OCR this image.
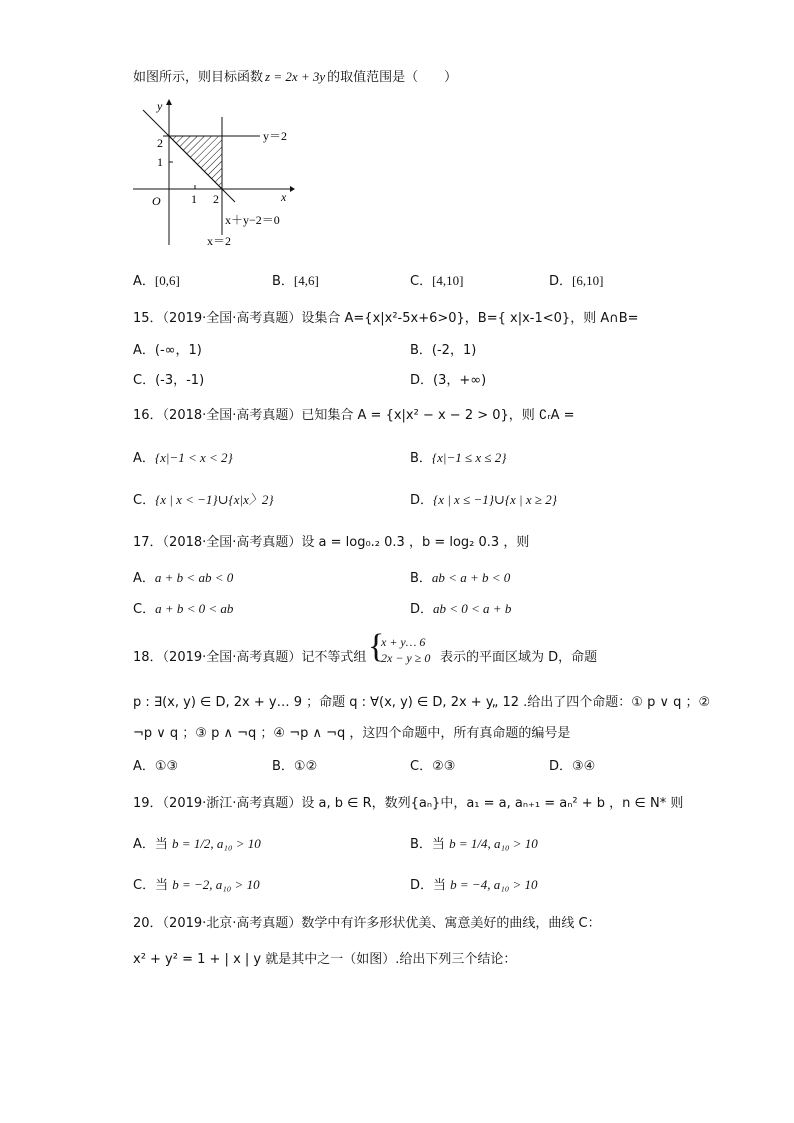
如图所示，则目标函数 z = 2x + 3y 的取值范围是（　　）
y
x
O
2
1
1 2
y＝2
x＋y−2＝0
x＝2
A．[0,6]	B．[4,6]	C．[4,10]	D．[6,10]
15．（2019·全国·高考真题）设集合 A={x|x²-5x+6>0}，B={ x|x-1<0}，则 A∩B=
A．(-∞，1)	B．(-2，1)
C．(-3，-1)	D．(3，+∞)
16．（2018·全国·高考真题）已知集合 A = {x|x² − x − 2 > 0}，则 ∁ᵣA =
A．{x|−1 < x < 2}	B．{x|−1 ≤ x ≤ 2}
C．{x | x < −1}∪{x|x〉2}	D．{x | x ≤ −1}∪{x | x ≥ 2}
17．（2018·全国·高考真题）设 a = log₀.₂ 0.3 ，b = log₂ 0.3 ，则
A．a + b < ab < 0	B．ab < a + b < 0
C．a + b < 0 < ab	D．ab < 0 < a + b
18．（2019·全国·高考真题）记不等式组 {
x + y… 6
2x − y ≥ 0 表示的平面区域为 D，命题
p : ∃(x, y) ∈ D, 2x + y… 9 ；命题 q : ∀(x, y) ∈ D, 2x + y„ 12 .给出了四个命题：① p ∨ q ；②
¬p ∨ q ；③ p ∧ ¬q ；④ ¬p ∧ ¬q ，这四个命题中，所有真命题的编号是
A．①③	B．①②	C．②③	D．③④
19．（2019·浙江·高考真题）设 a, b ∈ R，数列{aₙ}中，a₁ = a, aₙ₊₁ = aₙ² + b ，n ∈ N* 则
A．当 b = 1/2, a₁₀ > 10	B．当 b = 1/4, a₁₀ > 10
C．当 b = −2, a₁₀ > 10	D．当 b = −4, a₁₀ > 10
20．（2019·北京·高考真题）数学中有许多形状优美、寓意美好的曲线，曲线 C：
x² + y² = 1 + | x | y 就是其中之一（如图）.给出下列三个结论：
